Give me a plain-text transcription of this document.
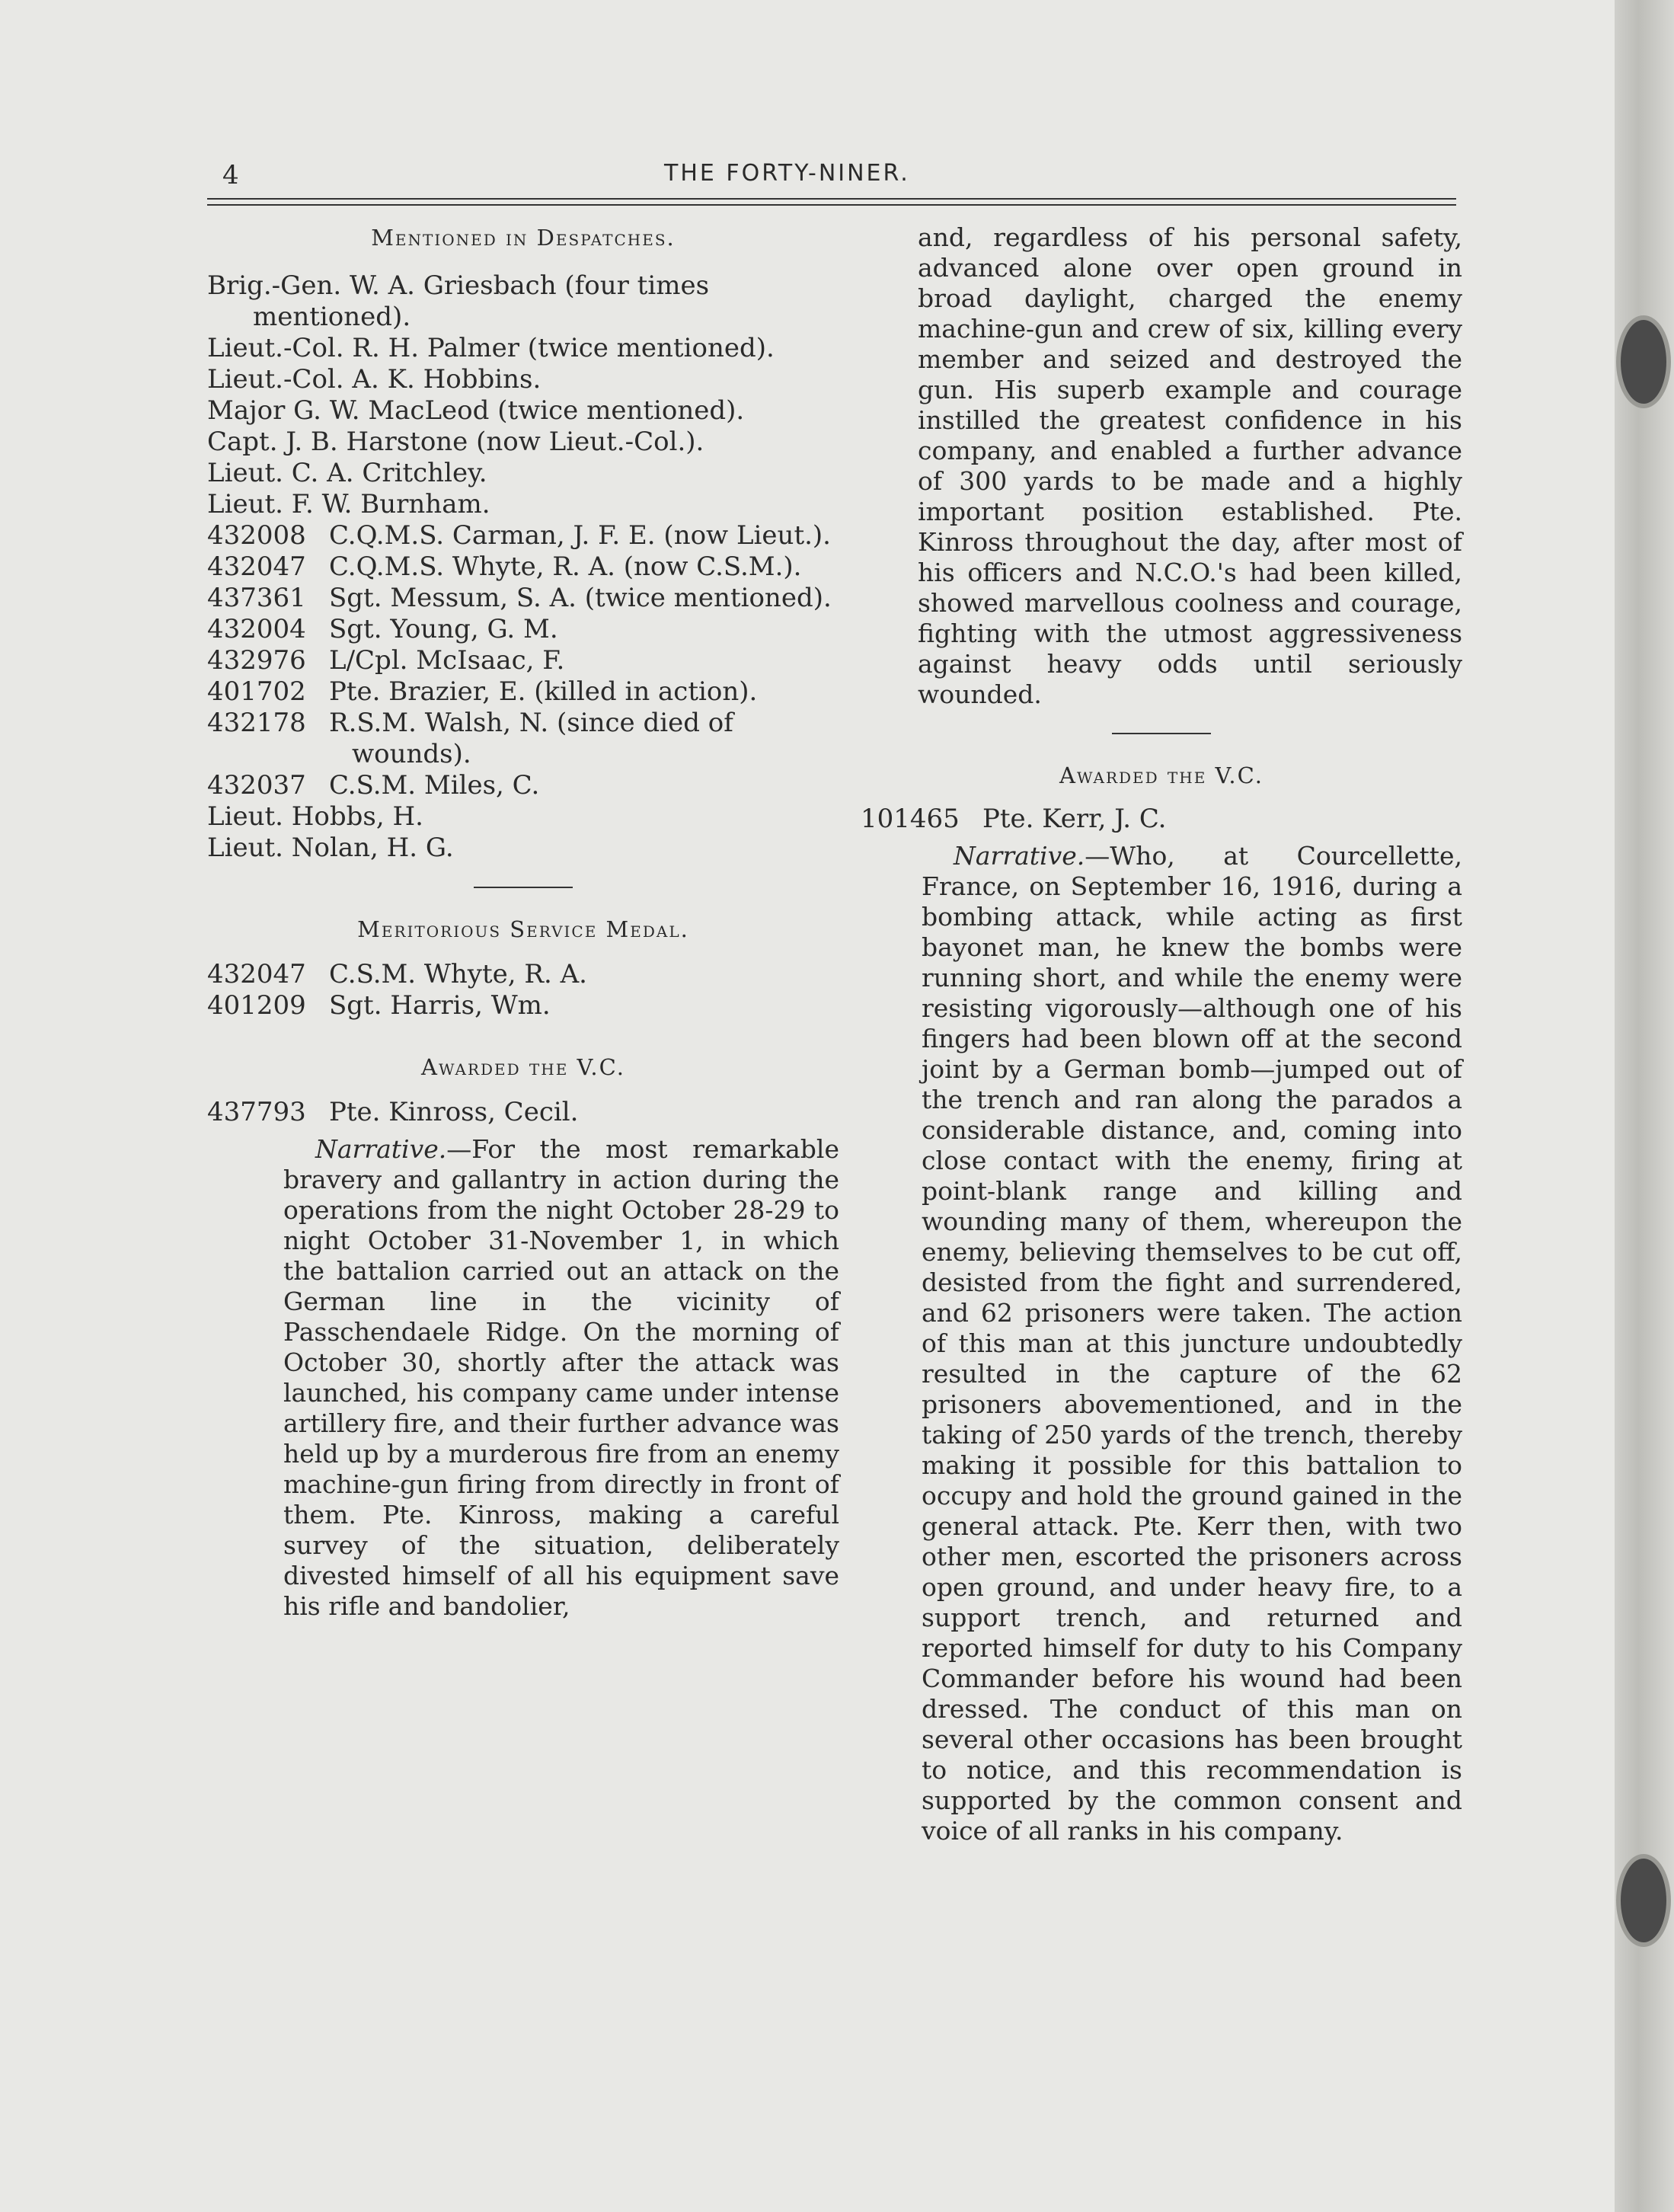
4	THE FORTY-NINER.

Mentioned in Despatches.

Brig.-Gen. W. A. Griesbach (four times mentioned).

Lieut.-Col. R. H. Palmer (twice mentioned).

Lieut.-Col. A. K. Hobbins.

Major G. W. MacLeod (twice mentioned).

Capt. J. B. Harstone (now Lieut.-Col.).

Lieut. C. A. Critchley.

Lieut. F. W. Burnham.

432008 C.Q.M.S. Carman, J. F. E. (now Lieut.).
432047 C.Q.M.S. Whyte, R. A. (now C.S.M.).
437361 Sgt. Messum, S. A. (twice mentioned).
432004 Sgt. Young, G. M.
432976 L/Cpl. McIsaac, F.
401702 Pte. Brazier, E. (killed in action).
432178 R.S.M. Walsh, N. (since died of wounds).
432037 C.S.M. Miles, C.

Lieut. Hobbs, H.

Lieut. Nolan, H. G.

Meritorious Service Medal.

432047 C.S.M. Whyte, R. A.
401209 Sgt. Harris, Wm.

Awarded the V.C.

437793 Pte. Kinross, Cecil.

Narrative.—For the most remarkable bravery and gallantry in action during the operations from the night October 28-29 to night October 31-November 1, in which the battalion carried out an attack on the German line in the vicinity of Passchendaele Ridge. On the morning of October 30, shortly after the attack was launched, his company came under intense artillery fire, and their further advance was held up by a murderous fire from an enemy machine-gun firing from directly in front of them. Pte. Kinross, making a careful survey of the situation, deliberately divested himself of all his equipment save his rifle and bandolier,

and, regardless of his personal safety, advanced alone over open ground in broad daylight, charged the enemy machine-gun and crew of six, killing every member and seized and destroyed the gun. His superb example and courage instilled the greatest confidence in his company, and enabled a further advance of 300 yards to be made and a highly important position established. Pte. Kinross throughout the day, after most of his officers and N.C.O.'s had been killed, showed marvellous coolness and courage, fighting with the utmost aggressiveness against heavy odds until seriously wounded.

Awarded the V.C.

101465 Pte. Kerr, J. C.

Narrative.—Who, at Courcellette, France, on September 16, 1916, during a bombing attack, while acting as first bayonet man, he knew the bombs were running short, and while the enemy were resisting vigorously—although one of his fingers had been blown off at the second joint by a German bomb—jumped out of the trench and ran along the parados a considerable distance, and, coming into close contact with the enemy, firing at point-blank range and killing and wounding many of them, whereupon the enemy, believing themselves to be cut off, desisted from the fight and surrendered, and 62 prisoners were taken. The action of this man at this juncture undoubtedly resulted in the capture of the 62 prisoners abovementioned, and in the taking of 250 yards of the trench, thereby making it possible for this battalion to occupy and hold the ground gained in the general attack. Pte. Kerr then, with two other men, escorted the prisoners across open ground, and under heavy fire, to a support trench, and returned and reported himself for duty to his Company Commander before his wound had been dressed. The conduct of this man on several other occasions has been brought to notice, and this recommendation is supported by the common consent and voice of all ranks in his company.
